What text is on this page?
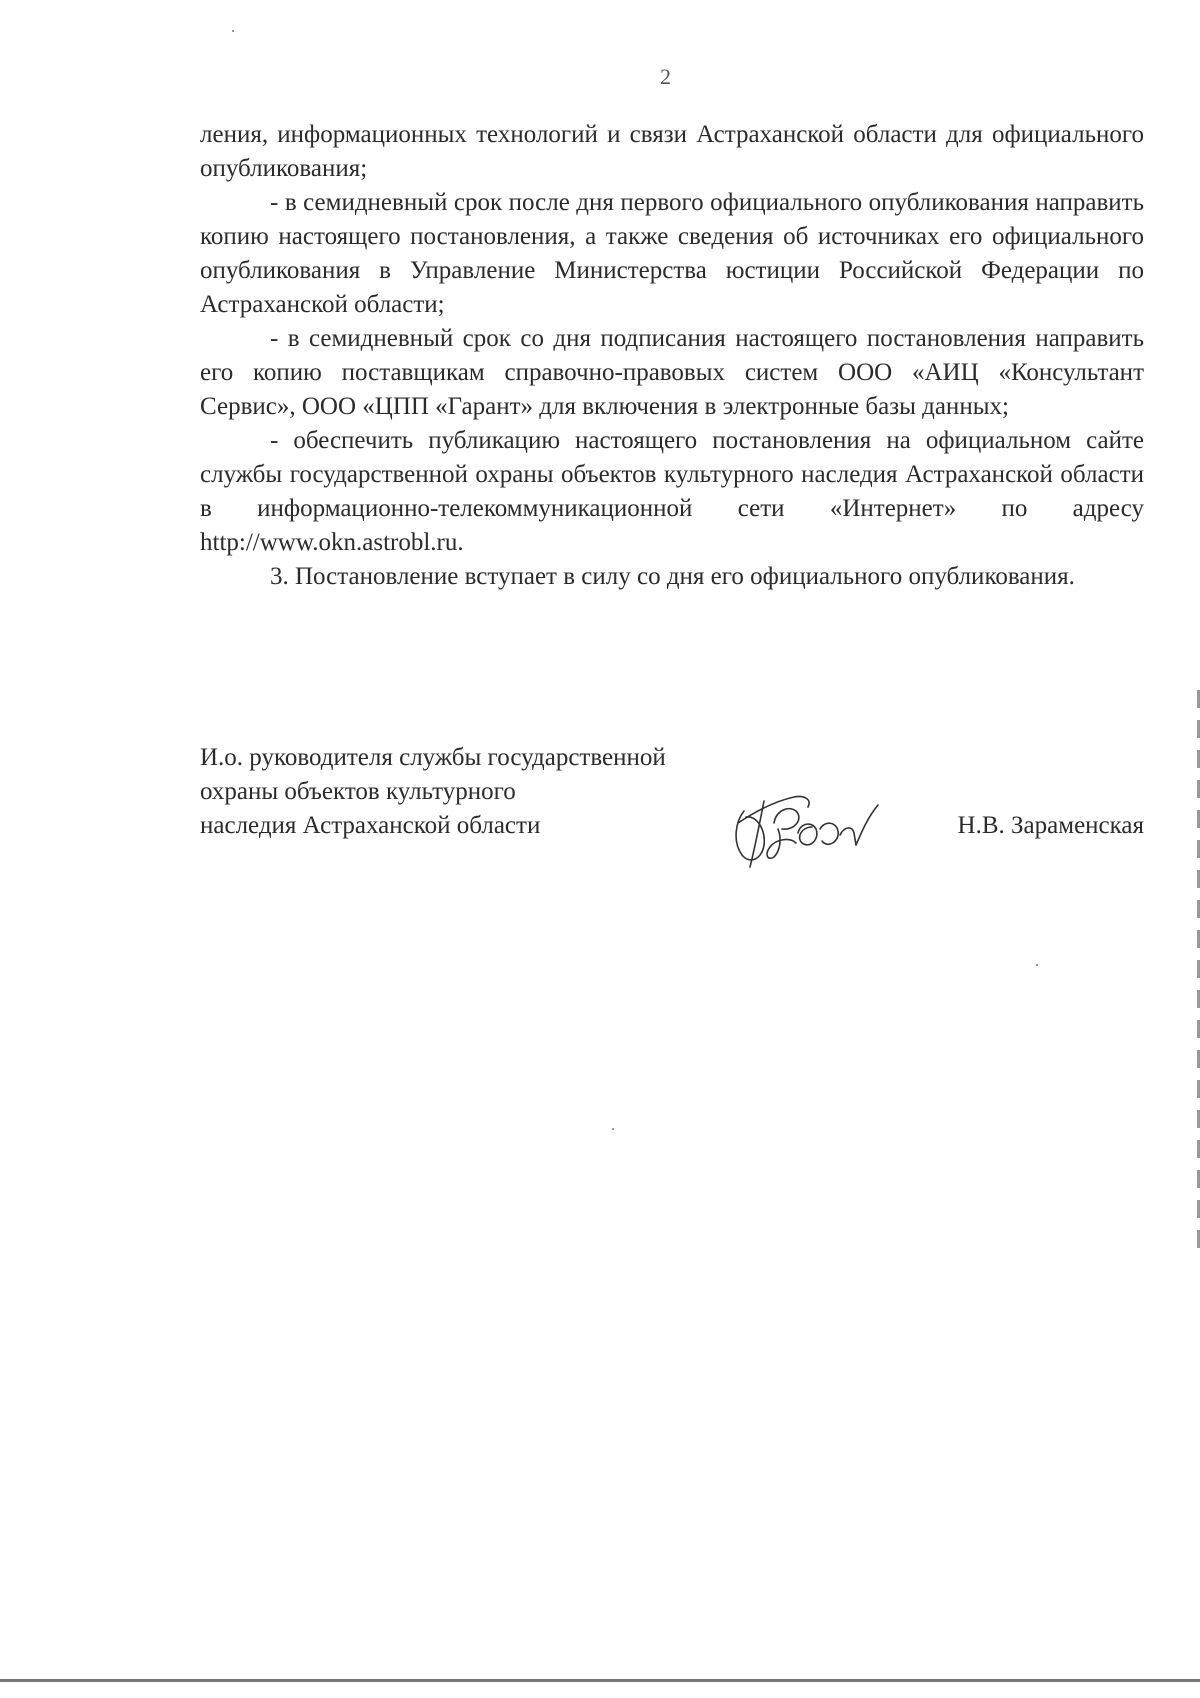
2

ления, информационных технологий и связи Астраханской области для официального опубликования;

- в семидневный срок после дня первого официального опубликования направить копию настоящего постановления, а также сведения об источниках его официального опубликования в Управление Министерства юстиции Российской Федерации по Астраханской области;

- в семидневный срок со дня подписания настоящего постановления направить его копию поставщикам справочно-правовых систем ООО «АИЦ «Консультант Сервис», ООО «ЦПП «Гарант» для включения в электронные базы данных;

- обеспечить публикацию настоящего постановления на официальном сайте службы государственной охраны объектов культурного наследия Астраханской области в информационно-телекоммуникационной сети «Интернет» по адресу http://www.okn.astrobl.ru.

3. Постановление вступает в силу со дня его официального опубликования.

И.о. руководителя службы государственной
охраны объектов культурного
наследия Астраханской области	Н.В. Зараменская
